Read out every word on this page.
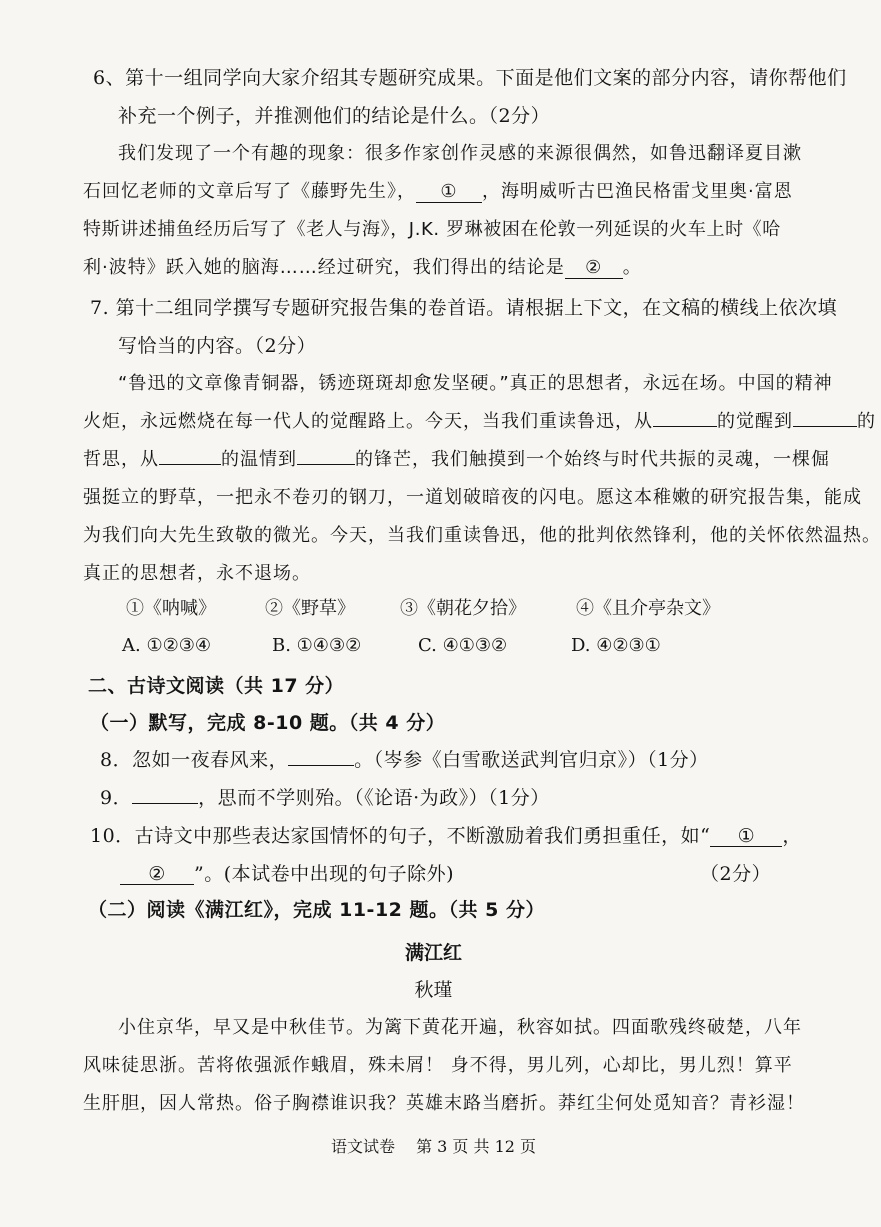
6、第十一组同学向大家介绍其专题研究成果。下面是他们文案的部分内容，请你帮他们
补充一个例子，并推测他们的结论是什么。（2分）
我们发现了一个有趣的现象：很多作家创作灵感的来源很偶然，如鲁迅翻译夏目漱
石回忆老师的文章后写了《藤野先生》， ① ，海明威听古巴渔民格雷戈里奥·富恩
特斯讲述捕鱼经历后写了《老人与海》，J.K. 罗琳被困在伦敦一列延误的火车上时《哈
利·波特》跃入她的脑海……经过研究，我们得出的结论是 ② 。
7. 第十二组同学撰写专题研究报告集的卷首语。请根据上下文，在文稿的横线上依次填
写恰当的内容。（2分）
“鲁迅的文章像青铜器，锈迹斑斑却愈发坚硬。”真正的思想者，永远在场。中国的精神
火炬，永远燃烧在每一代人的觉醒路上。今天，当我们重读鲁迅，从	的觉醒到	的
哲思，从	的温情到	的锋芒，我们触摸到一个始终与时代共振的灵魂，一棵倔
强挺立的野草，一把永不卷刃的钢刀，一道划破暗夜的闪电。愿这本稚嫩的研究报告集，能成
为我们向大先生致敬的微光。今天，当我们重读鲁迅，他的批判依然锋利，他的关怀依然温热。
真正的思想者，永不退场。
①《呐喊》	②《野草》	③《朝花夕拾》	④《且介亭杂文》
A. ①②③④	B. ①④③②	C. ④①③②	D. ④②③①
二、古诗文阅读（共 17 分）
（一）默写，完成 8-10 题。（共 4 分）
8．忽如一夜春风来，	。（岑参《白雪歌送武判官归京》）（1分）
9．	，思而不学则殆。（《论语·为政》）（1分）
10．古诗文中那些表达家国情怀的句子，不断激励着我们勇担重任，如“ ① ，
② ”。(本试卷中出现的句子除外)	（2分）
（二）阅读《满江红》，完成 11-12 题。（共 5 分）
满江红
秋瑾
小住京华，早又是中秋佳节。为篱下黄花开遍，秋容如拭。四面歌残终破楚，八年
风味徒思浙。苦将侬强派作蛾眉，殊未屑！ 身不得，男儿列，心却比，男儿烈！算平
生肝胆，因人常热。俗子胸襟谁识我？英雄末路当磨折。莽红尘何处觅知音？青衫湿！
语文试卷 第 3 页 共 12 页
